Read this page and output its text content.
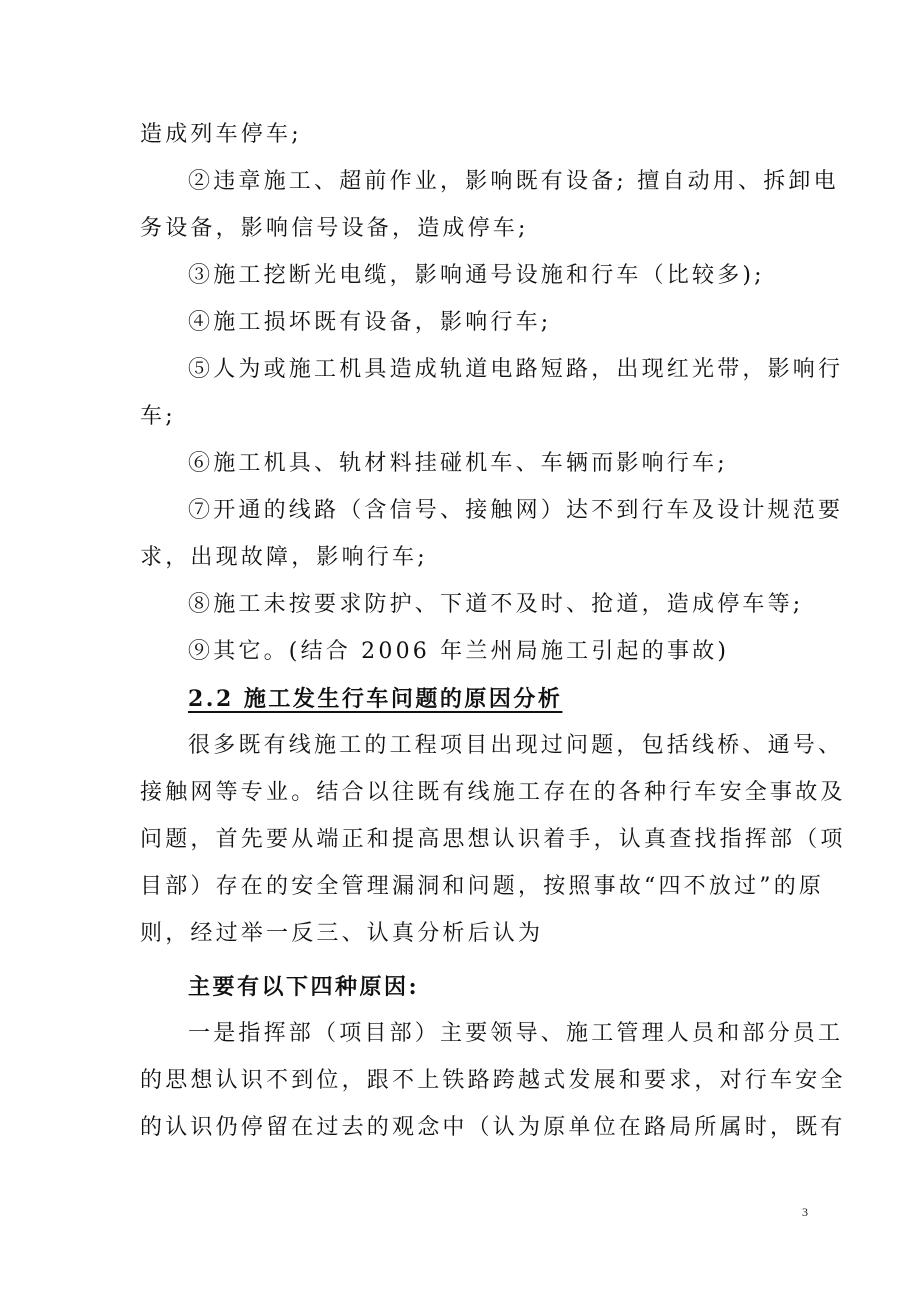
造成列车停车;
②违章施工、超前作业，影响既有设备; 擅自动用、拆卸电
务设备，影响信号设备，造成停车;
③施工挖断光电缆，影响通号设施和行车（比较多);
④施工损坏既有设备，影响行车;
⑤人为或施工机具造成轨道电路短路，出现红光带，影响行
车;
⑥施工机具、轨材料挂碰机车、车辆而影响行车;
⑦开通的线路（含信号、接触网）达不到行车及设计规范要
求，出现故障，影响行车;
⑧施工未按要求防护、下道不及时、抢道，造成停车等;
⑨其它。(结合 2006 年兰州局施工引起的事故)
2.2 施工发生行车问题的原因分析
很多既有线施工的工程项目出现过问题，包括线桥、通号、
接触网等专业。结合以往既有线施工存在的各种行车安全事故及
问题，首先要从端正和提高思想认识着手，认真查找指挥部（项
目部）存在的安全管理漏洞和问题，按照事故“四不放过”的原
则，经过举一反三、认真分析后认为
主要有以下四种原因:
一是指挥部（项目部）主要领导、施工管理人员和部分员工
的思想认识不到位，跟不上铁路跨越式发展和要求，对行车安全
的认识仍停留在过去的观念中（认为原单位在路局所属时，既有
3
